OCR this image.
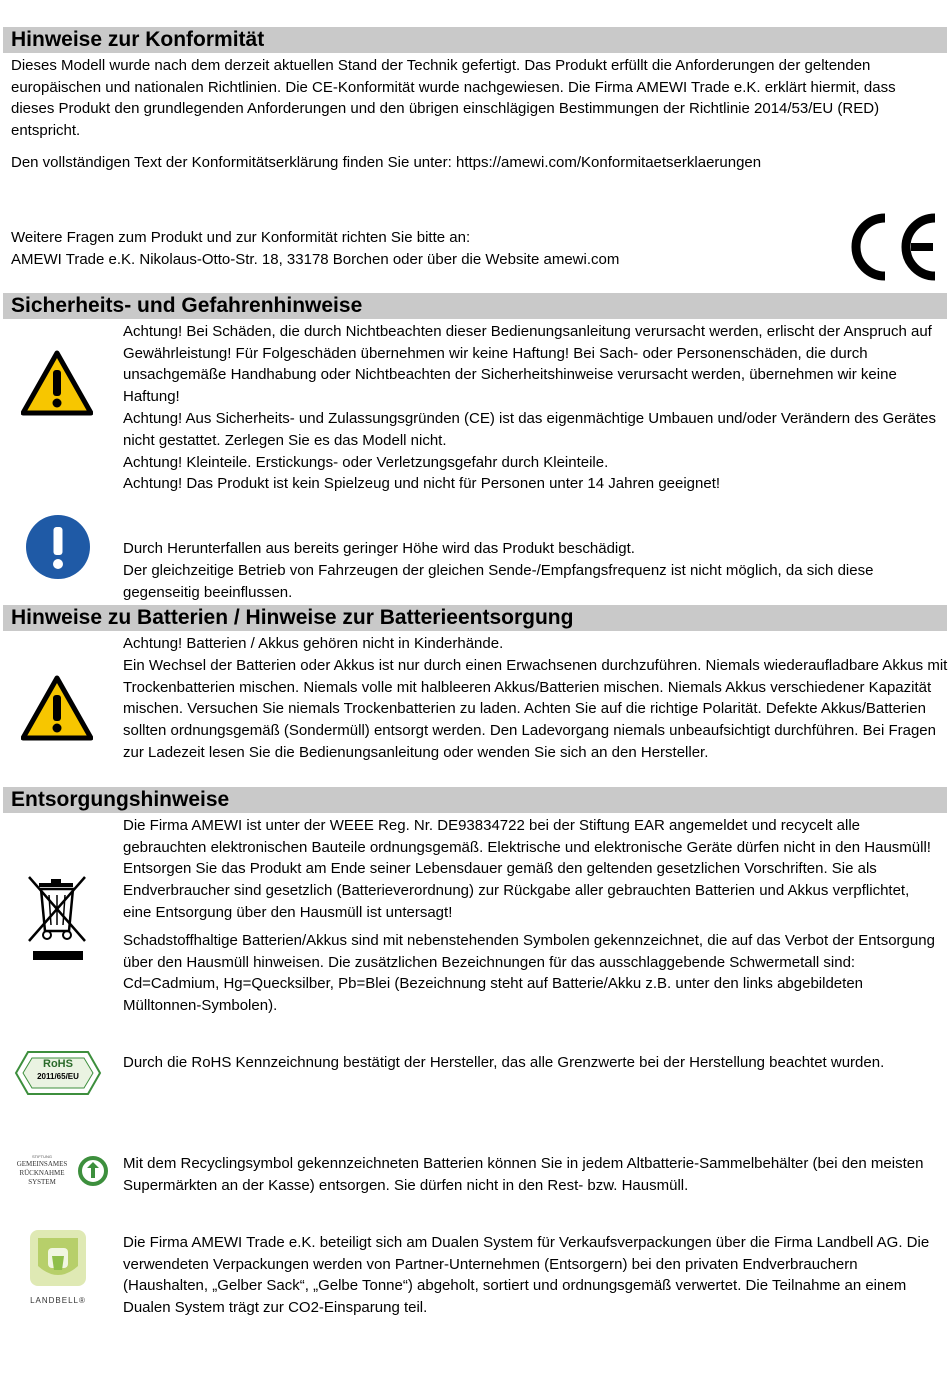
Hinweise zur Konformität

Dieses Modell wurde nach dem derzeit aktuellen Stand der Technik gefertigt. Das Produkt erfüllt die Anforderungen der geltenden europäischen und nationalen Richtlinien. Die CE-Konformität wurde nachgewiesen. Die Firma AMEWI Trade e.K. erklärt hiermit, dass dieses Produkt den grundlegenden Anforderungen und den übrigen einschlägigen Bestimmungen der Richtlinie 2014/53/EU (RED) entspricht.

Den vollständigen Text der Konformitätserklärung finden Sie unter: https://amewi.com/Konformitaetserklaerungen

Weitere Fragen zum Produkt und zur Konformität richten Sie bitte an:

AMEWI Trade e.K. Nikolaus-Otto-Str. 18, 33178 Borchen oder über die Website amewi.com

Sicherheits- und Gefahrenhinweise

Achtung! Bei Schäden, die durch Nichtbeachten dieser Bedienungsanleitung verursacht werden, erlischt der Anspruch auf Gewährleistung! Für Folgeschäden übernehmen wir keine Haftung! Bei Sach- oder Personenschäden, die durch unsachgemäße Handhabung oder Nichtbeachten der Sicherheitshinweise verursacht werden, übernehmen wir keine Haftung!

Achtung! Aus Sicherheits- und Zulassungsgründen (CE) ist das eigenmächtige Umbauen und/oder Verändern des Gerätes nicht gestattet. Zerlegen Sie es das Modell nicht.

Achtung! Kleinteile. Erstickungs- oder Verletzungsgefahr durch Kleinteile.

Achtung! Das Produkt ist kein Spielzeug und nicht für Personen unter 14 Jahren geeignet!

Durch Herunterfallen aus bereits geringer Höhe wird das Produkt beschädigt.

Der gleichzeitige Betrieb von Fahrzeugen der gleichen Sende-/Empfangsfrequenz ist nicht möglich, da sich diese gegenseitig beeinflussen.

Hinweise zu Batterien / Hinweise zur Batterieentsorgung

Achtung! Batterien / Akkus gehören nicht in Kinderhände.

Ein Wechsel der Batterien oder Akkus ist nur durch einen Erwachsenen durchzuführen. Niemals wiederaufladbare Akkus mit Trockenbatterien mischen. Niemals volle mit halbleeren Akkus/Batterien mischen. Niemals Akkus verschiedener Kapazität mischen. Versuchen Sie niemals Trockenbatterien zu laden. Achten Sie auf die richtige Polarität. Defekte Akkus/Batterien sollten ordnungsgemäß (Sondermüll) entsorgt werden. Den Ladevorgang niemals unbeaufsichtigt durchführen. Bei Fragen zur Ladezeit lesen Sie die Bedienungsanleitung oder wenden Sie sich an den Hersteller.

Entsorgungshinweise

Die Firma AMEWI ist unter der WEEE Reg. Nr. DE93834722 bei der Stiftung EAR angemeldet und recycelt alle gebrauchten elektronischen Bauteile ordnungsgemäß. Elektrische und elektronische Geräte dürfen nicht in den Hausmüll! Entsorgen Sie das Produkt am Ende seiner Lebensdauer gemäß den geltenden gesetzlichen Vorschriften. Sie als Endverbraucher sind gesetzlich (Batterieverordnung) zur Rückgabe aller gebrauchten Batterien und Akkus verpflichtet, eine Entsorgung über den Hausmüll ist untersagt!

Schadstoffhaltige Batterien/Akkus sind mit nebenstehenden Symbolen gekennzeichnet, die auf das Verbot der Entsorgung über den Hausmüll hinweisen. Die zusätzlichen Bezeichnungen für das ausschlaggebende Schwermetall sind: Cd=Cadmium, Hg=Quecksilber, Pb=Blei (Bezeichnung steht auf Batterie/Akku z.B. unter den links abgebildeten Mülltonnen-Symbolen).

RoHS
2011/65/EU

Durch die RoHS Kennzeichnung bestätigt der Hersteller, das alle Grenzwerte bei der Herstellung beachtet wurden.

STIFTUNG
GEMEINSAMES
RÜCKNAHME
SYSTEM

Mit dem Recyclingsymbol gekennzeichneten Batterien können Sie in jedem Altbatterie-Sammelbehälter (bei den meisten Supermärkten an der Kasse) entsorgen. Sie dürfen nicht in den Rest- bzw. Hausmüll.

LANDBELL®

Die Firma AMEWI Trade e.K. beteiligt sich am Dualen System für Verkaufsverpackungen über die Firma Landbell AG. Die verwendeten Verpackungen werden von Partner-Unternehmen (Entsorgern) bei den privaten Endverbrauchern (Haushalten, „Gelber Sack“, „Gelbe Tonne“) abgeholt, sortiert und ordnungsgemäß verwertet. Die Teilnahme an einem Dualen System trägt zur CO2-Einsparung teil.
